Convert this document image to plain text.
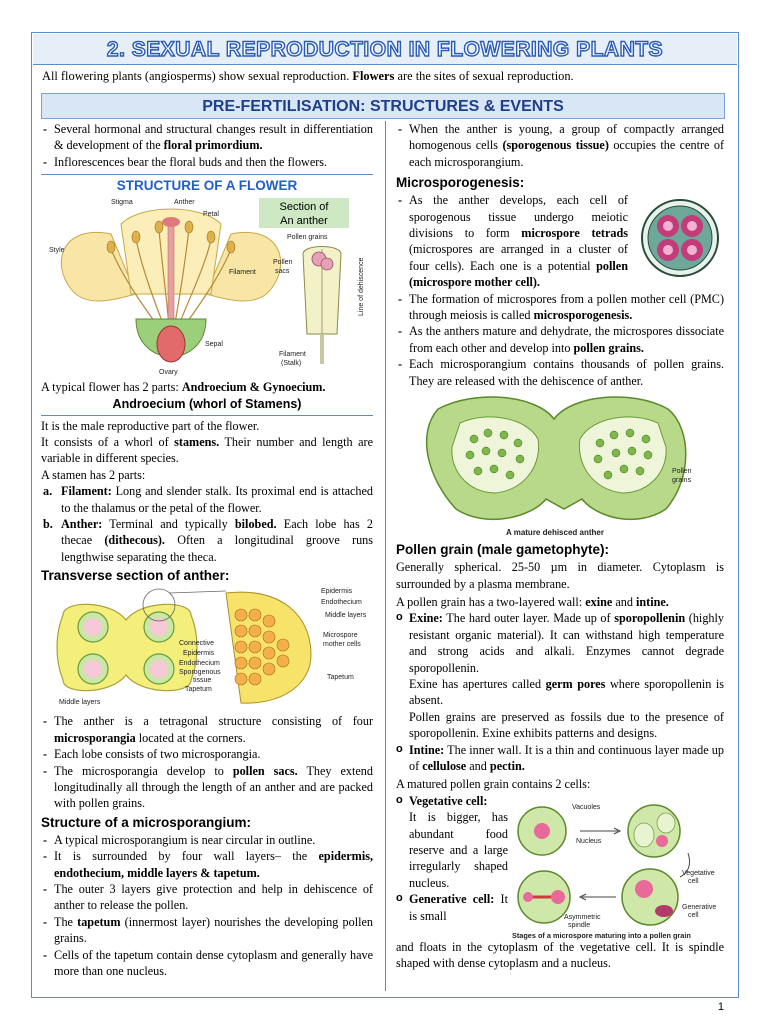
2. SEXUAL REPRODUCTION IN FLOWERING PLANTS
All flowering plants (angiosperms) show sexual reproduction. Flowers are the sites of sexual reproduction.
PRE-FERTILISATION: STRUCTURES & EVENTS
- Several hormonal and structural changes result in differentiation & development of the floral primordium.
- Inflorescences bear the floral buds and then the flowers.
STRUCTURE OF A FLOWER
Stigma	Anther
Petal
Style
Filament
Sepal
Ovary
Section of
An anther
Pollen grains
Pollen
sacs	Line of dehiscence
Filament
(Stalk)
A typical flower has 2 parts: Androecium & Gynoecium.
Androecium (whorl of Stamens)
It is the male reproductive part of the flower.
It consists of a whorl of stamens. Their number and length are variable in different species.
A stamen has 2 parts:
a. Filament: Long and slender stalk. Its proximal end is attached to the thalamus or the petal of the flower.
b. Anther: Terminal and typically bilobed. Each lobe has 2 thecae (dithecous). Often a longitudinal groove runs lengthwise separating the theca.
Transverse section of anther:
Connective
Epidermis
Endothecium
Sporogenous
tissue
Tapetum
Middle layers
Epidermis
Endothecium
Middle layers
Microspore
mother cells
Tapetum
- The anther is a tetragonal structure consisting of four microsporangia located at the corners.
- Each lobe consists of two microsporangia.
- The microsporangia develop to pollen sacs. They extend longitudinally all through the length of an anther and are packed with pollen grains.
Structure of a microsporangium:
- A typical microsporangium is near circular in outline.
- It is surrounded by four wall layers– the epidermis, endothecium, middle layers & tapetum.
- The outer 3 layers give protection and help in dehiscence of anther to release the pollen.
- The tapetum (innermost layer) nourishes the developing pollen grains.
- Cells of the tapetum contain dense cytoplasm and generally have more than one nucleus.
- When the anther is young, a group of compactly arranged homogenous cells (sporogenous tissue) occupies the centre of each microsporangium.
Microsporogenesis:
- As the anther develops, each cell of sporogenous tissue undergo meiotic divisions to form microspore tetrads (microspores are arranged in a cluster of four cells). Each one is a potential pollen (microspore mother cell).
- The formation of microspores from a pollen mother cell (PMC) through meiosis is called microsporogenesis.
- As the anthers mature and dehydrate, the microspores dissociate from each other and develop into pollen grains.
- Each microsporangium contains thousands of pollen grains. They are released with the dehiscence of anther.
Pollen
grains
A mature dehisced anther
Pollen grain (male gametophyte):
Generally spherical. 25-50 µm in diameter. Cytoplasm is surrounded by a plasma membrane.
A pollen grain has a two-layered wall: exine and intine.
o Exine: The hard outer layer. Made up of sporopollenin (highly resistant organic material). It can withstand high temperature and strong acids and alkali. Enzymes cannot degrade sporopollenin.
Exine has apertures called germ pores where sporopollenin is absent.
Pollen grains are preserved as fossils due to the presence of sporopollenin. Exine exhibits patterns and designs.
o Intine: The inner wall. It is a thin and continuous layer made up of cellulose and pectin.
A matured pollen grain contains 2 cells:
o Vegetative cell:
It is bigger, has abundant food reserve and a large irregularly shaped nucleus.
o Generative cell: It is small
Vacuoles
Nucleus
Vegetative
cell
Asymmetric
spindle
Generative
cell
Stages of a microspore maturing into a pollen grain
and floats in the cytoplasm of the vegetative cell. It is spindle shaped with dense cytoplasm and a nucleus.
1
